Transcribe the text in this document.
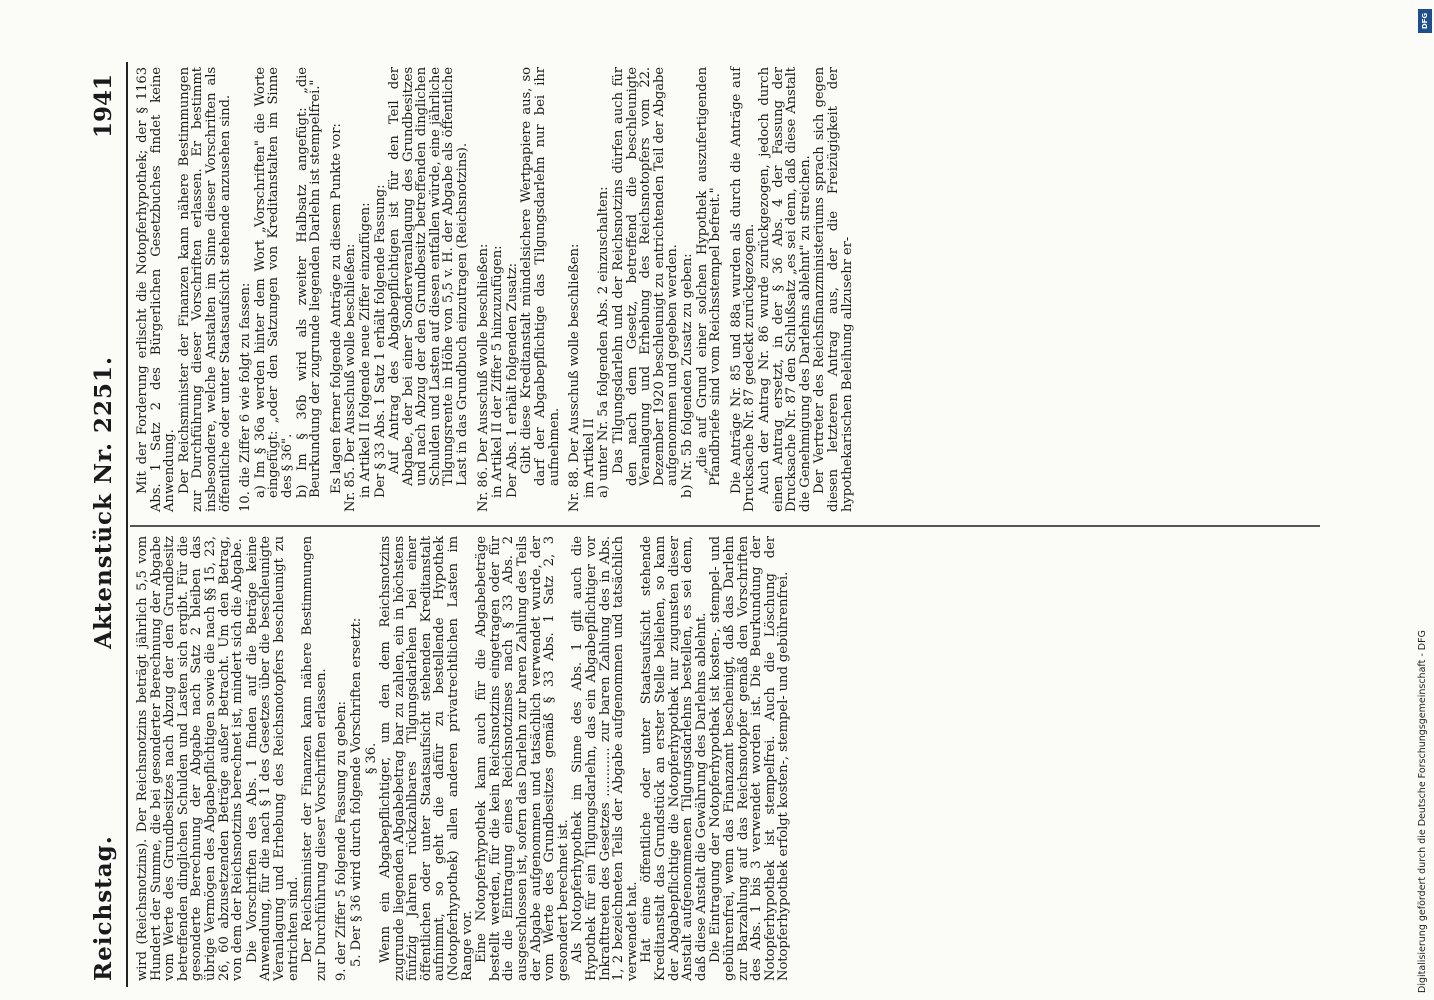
Reichstag.
Aktenstück Nr. 2251.
1941

wird (Reichsnotzins). Der Reichsnotzins beträgt jährlich 5,5 vom Hundert der Summe, die bei gesonderter Berechnung der Abgabe vom Werte des Grundbesitzes nach Abzug der den Grundbesitz betreffenden dinglichen Schulden und Lasten sich ergibt. Für die gesonderte Berechnung der Abgabe nach Satz 2 bleiben das übrige Vermögen des Abgabepflichtigen sowie die nach §§ 15, 23, 26, 60 abzusetzenden Beträge außer Betracht. Um den Betrag, von dem der Reichsnotzins berechnet ist, mindert sich die Abgabe. Die Vorschriften des Abs. 1 finden auf die Beträge keine Anwendung, für die nach § 1 des Gesetzes über die beschleunigte Veranlagung und Erhebung des Reichsnotopfers beschleunigt zu entrichten sind. Der Reichsminister der Finanzen kann nähere Bestimmungen zur Durchführung dieser Vorschriften erlassen. 9. der Ziffer 5 folgende Fassung zu geben: 5. Der § 36 wird durch folgende Vorschriften ersetzt: § 36. Wenn ein Abgabepflichtiger, um den dem Reichsnotzins zugrunde liegenden Abgabebetrag bar zu zahlen, ein in höchstens fünfzig Jahren rückzahlbares Tilgungsdarlehen bei einer öffentlichen oder unter Staatsaufsicht stehenden Kreditanstalt aufnimmt, so geht die dafür zu bestellende Hypothek (Notopferhypothek) allen anderen privatrechtlichen Lasten im Range vor. Eine Notopferhypothek kann auch für die Abgabebeträge bestellt werden, für die kein Reichsnotzins eingetragen oder für die die Eintragung eines Reichsnotzinses nach § 33 Abs. 2 ausgeschlossen ist, sofern das Darlehn zur baren Zahlung des Teils der Abgabe aufgenommen und tatsächlich verwendet wurde, der vom Werte des Grundbesitzes gemäß § 33 Abs. 1 Satz 2, 3 gesondert berechnet ist. Als Notopferhypothek im Sinne des Abs. 1 gilt auch die Hypothek für ein Tilgungsdarlehn, das ein Abgabepflichtiger vor Inkrafttreten des Gesetzes ............ zur baren Zahlung des in Abs. 1, 2 bezeichneten Teils der Abgabe aufgenommen und tatsächlich verwendet hat. Hat eine öffentliche oder unter Staatsaufsicht stehende Kreditanstalt das Grundstück an erster Stelle beliehen, so kann der Abgabepflichtige die Notopferhypothek nur zugunsten dieser Anstalt aufgenommenen Tilgungsdarlehns bestellen, es sei denn, daß diese Anstalt die Gewährung des Darlehns ablehnt. Die Eintragung der Notopferhypothek ist kosten-, stempel- und gebührenfrei, wenn das Finanzamt bescheinigt, daß das Darlehn zur Barzahlung auf das Reichsnotopfer gemäß den Vorschriften des Abs. 1 bis 3 verwendet worden ist. Die Beurkundung der Notopferhypothek ist stempelfrei. Auch die Löschung der Notopferhypothek erfolgt kosten-, stempel- und gebührenfrei.

Mit der Forderung erlischt die Notopferhypothek; der § 1163 Abs. 1 Satz 2 des Bürgerlichen Gesetzbuches findet keine Anwendung. Der Reichsminister der Finanzen kann nähere Bestimmungen zur Durchführung dieser Vorschriften erlassen. Er bestimmt insbesondere, welche Anstalten im Sinne dieser Vorschriften als öffentliche oder unter Staatsaufsicht stehende anzusehen sind. 10. die Ziffer 6 wie folgt zu fassen: a) Im § 36a werden hinter dem Wort „Vorschriften" die Worte eingefügt: „oder den Satzungen von Kreditanstalten im Sinne des § 36". b) Im § 36b wird als zweiter Halbsatz angefügt: „die Beurkundung der zugrunde liegenden Darlehn ist stempelfrei." Es lagen ferner folgende Anträge zu diesem Punkte vor: Nr. 85. Der Ausschuß wolle beschließen: in Artikel II folgende neue Ziffer einzufügen: Der § 33 Abs. 1 Satz 1 erhält folgende Fassung: Auf Antrag des Abgabepflichtigen ist für den Teil der Abgabe, der bei einer Sonderveranlagung des Grundbesitzes und nach Abzug der den Grundbesitz betreffenden dinglichen Schulden und Lasten auf diesen entfallen würde, eine jährliche Tilgungsrente in Höhe von 5,5 v. H. der Abgabe als öffentliche Last in das Grundbuch einzutragen (Reichsnotzins). Nr. 86. Der Ausschuß wolle beschließen: in Artikel II der Ziffer 5 hinzuzufügen: Der Abs. 1 erhält folgenden Zusatz: Gibt diese Kreditanstalt mündelsichere Wertpapiere aus, so darf der Abgabepflichtige das Tilgungsdarlehn nur bei ihr aufnehmen. Nr. 88. Der Ausschuß wolle beschließen: im Artikel II a) unter Nr. 5a folgenden Abs. 2 einzuschalten: Das Tilgungsdarlehn und der Reichsnotzins dürfen auch für den nach dem Gesetz, betreffend die beschleunigte Veranlagung und Erhebung des Reichsnotopfers vom 22. Dezember 1920 beschleunigt zu entrichtenden Teil der Abgabe aufgenommen und gegeben werden. b) Nr. 5b folgenden Zusatz zu geben: „die auf Grund einer solchen Hypothek auszufertigenden Pfandbriefe sind vom Reichsstempel befreit." Die Anträge Nr. 85 und 88a wurden als durch die Anträge auf Drucksache Nr. 87 gedeckt zurückgezogen. Auch der Antrag Nr. 86 wurde zurückgezogen, jedoch durch einen Antrag ersetzt, in der § 36 Abs. 4 der Fassung der Drucksache Nr. 87 den Schlußsatz „es sei denn, daß diese Anstalt die Genehmigung des Darlehns ablehnt" zu streichen. Der Vertreter des Reichsfinanzministeriums sprach sich gegen diesen letzteren Antrag aus, der die Freizügigkeit der hypothekarischen Beleihung allzusehr er-

DFG
Digitalisierung gefördert durch die Deutsche Forschungsgemeinschaft - DFG
